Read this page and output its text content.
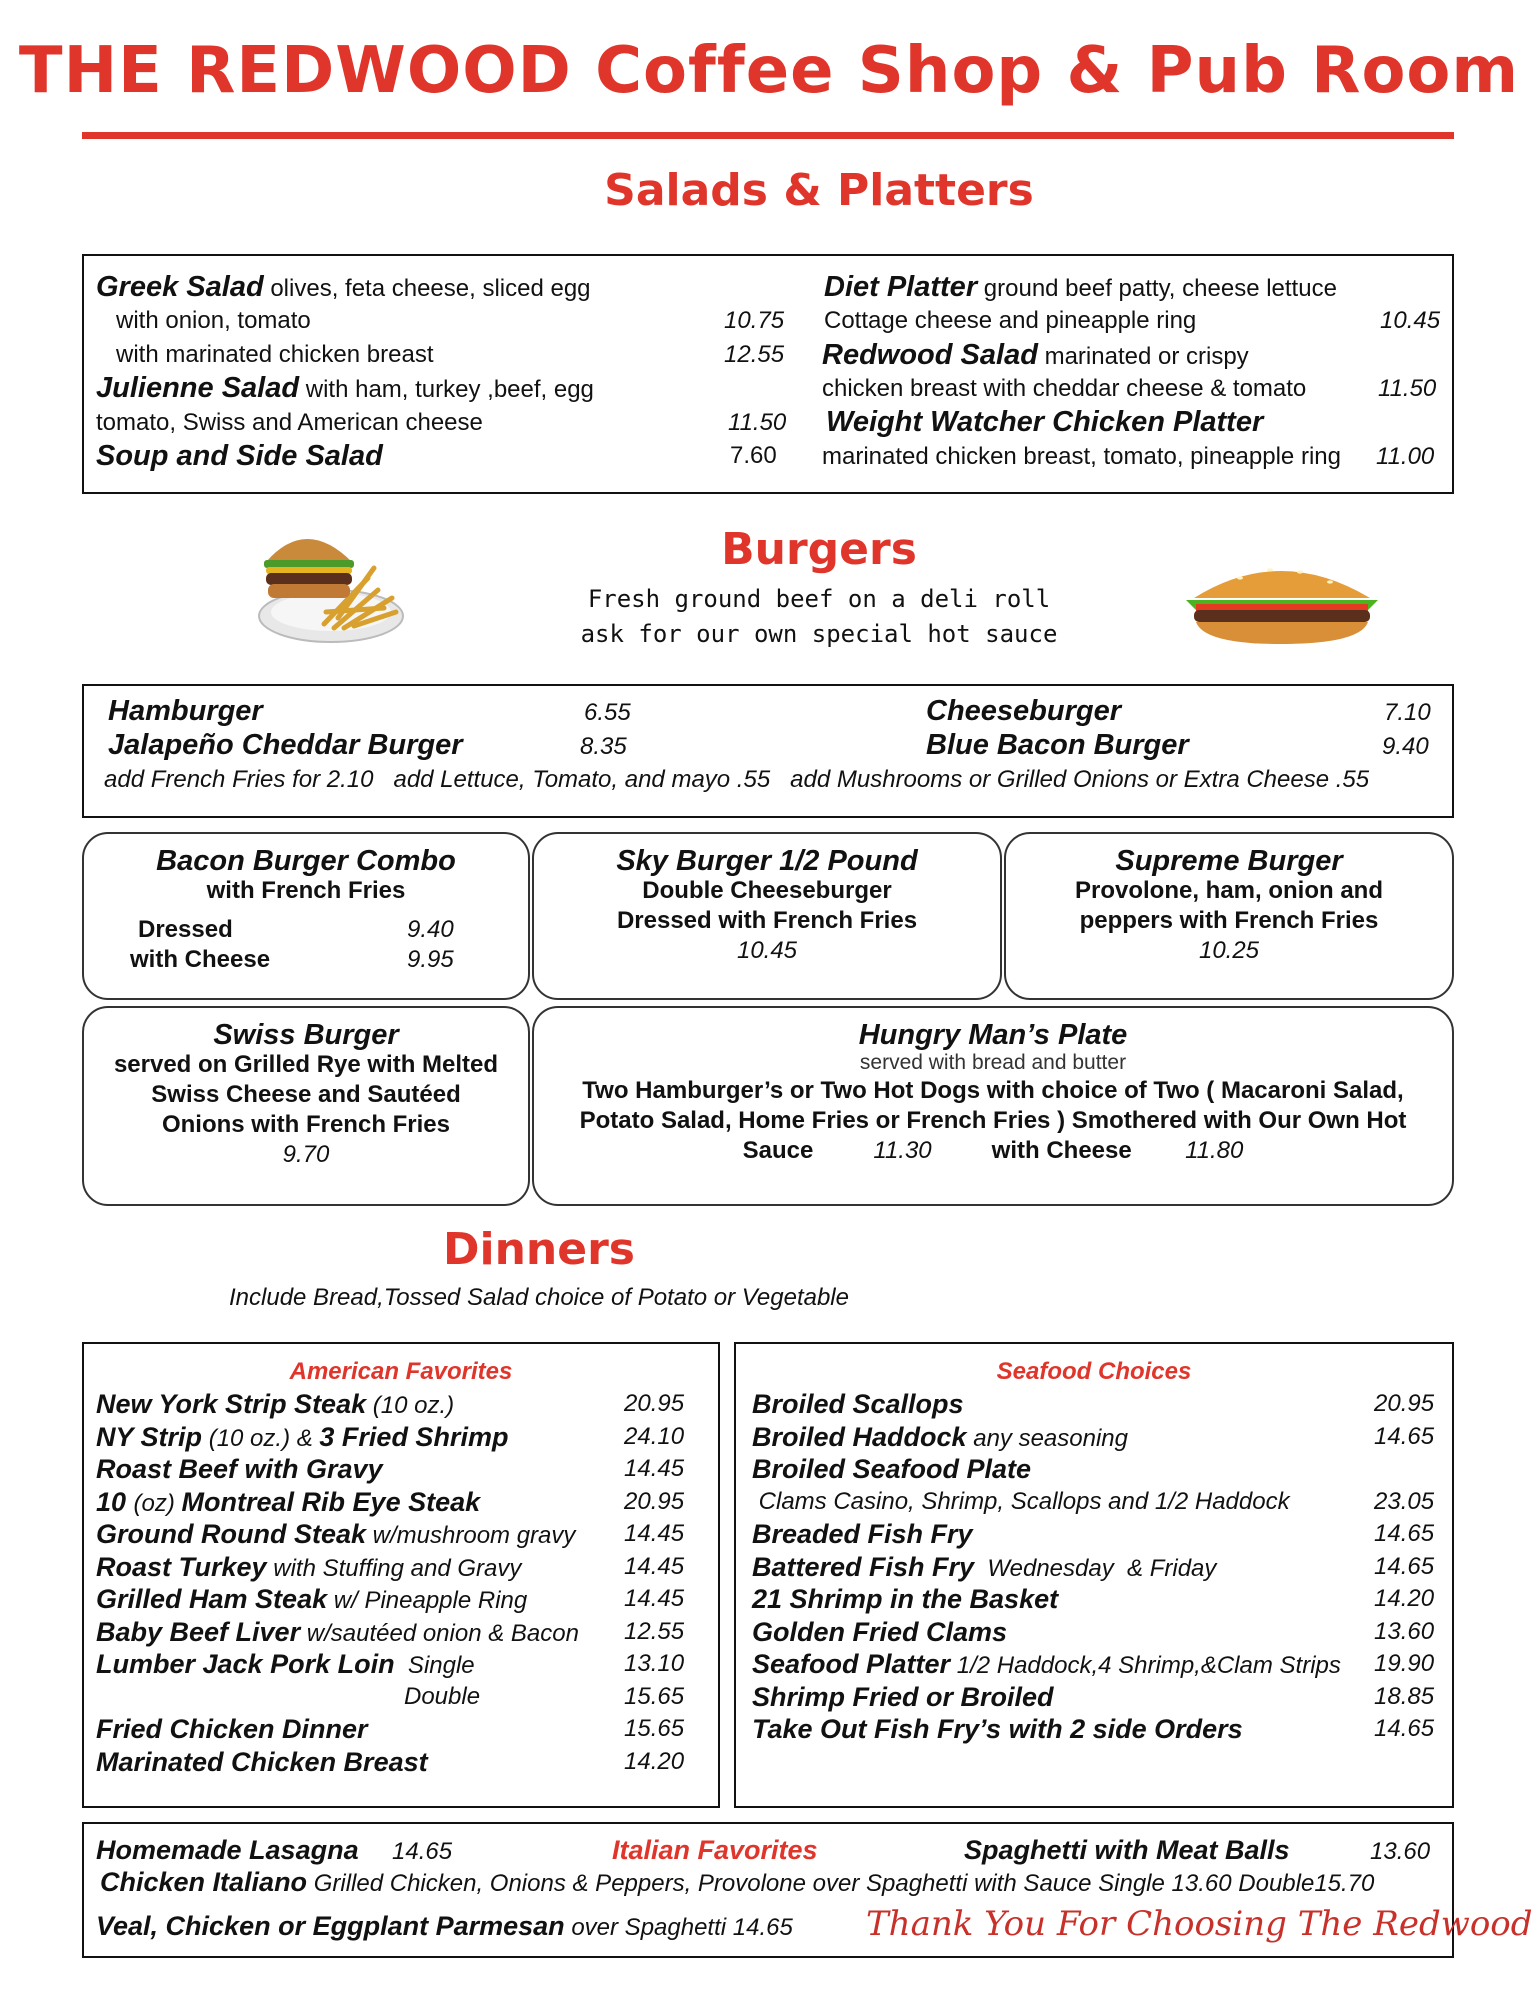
THE REDWOOD Coffee Shop & Pub Room
Salads & Platters
Greek Salad olives, feta cheese, sliced egg
with onion, tomato	10.75
with marinated chicken breast	12.55
Julienne Salad with ham, turkey ,beef, egg
tomato, Swiss and American cheese	11.50
Soup and Side Salad	7.60
Diet Platter ground beef patty, cheese lettuce
Cottage cheese and pineapple ring	10.45
Redwood Salad marinated or crispy
chicken breast with cheddar cheese & tomato	11.50
Weight Watcher Chicken Platter
marinated chicken breast, tomato, pineapple ring 11.00
Burgers
Fresh ground beef on a deli roll
ask for our own special hot sauce
Hamburger	6.55
Jalapeño Cheddar Burger	8.35
Cheeseburger	7.10
Blue Bacon Burger	9.40
add French Fries for 2.10   add Lettuce, Tomato, and mayo .55   add Mushrooms or Grilled Onions or Extra Cheese .55
Bacon Burger Combo
with French Fries
Dressed	9.40
with Cheese	9.95
Sky Burger 1/2 Pound
Double Cheeseburger
Dressed with French Fries
10.45
Supreme Burger
Provolone, ham, onion and
peppers with French Fries
10.25
Swiss Burger
served on Grilled Rye with Melted
Swiss Cheese and Sautéed
Onions with French Fries
9.70
Hungry Man’s Plate
served with bread and butter
Two Hamburger’s or Two Hot Dogs with choice of Two ( Macaroni Salad,
Potato Salad, Home Fries or French Fries ) Smothered with Our Own Hot
Sauce	11.30	with Cheese 11.80
Dinners
Include Bread,Tossed Salad choice of Potato or Vegetable
American Favorites
New York Strip Steak (10 oz.)	20.95
NY Strip (10 oz.) & 3 Fried Shrimp	24.10
Roast Beef with Gravy	14.45
10 (oz) Montreal Rib Eye Steak	20.95
Ground Round Steak w/mushroom gravy 14.45
Roast Turkey with Stuffing and Gravy	14.45
Grilled Ham Steak w/ Pineapple Ring	14.45
Baby Beef Liver w/sautéed onion & Bacon 12.55
Lumber Jack Pork Loin  Single	13.10
Double	15.65
Fried Chicken Dinner	15.65
Marinated Chicken Breast	14.20
Seafood Choices
Broiled Scallops	20.95
Broiled Haddock any seasoning	14.65
Broiled Seafood Plate
Clams Casino, Shrimp, Scallops and 1/2 Haddock	23.05
Breaded Fish Fry	14.65
Battered Fish Fry  Wednesday  & Friday	14.65
21 Shrimp in the Basket	14.20
Golden Fried Clams	13.60
Seafood Platter 1/2 Haddock,4 Shrimp,&Clam Strips 19.90
Shrimp Fried or Broiled	18.85
Take Out Fish Fry’s with 2 side Orders	14.65
Homemade Lasagna 14.65	Italian Favorites	Spaghetti with Meat Balls	13.60
Chicken Italiano Grilled Chicken, Onions & Peppers, Provolone over Spaghetti with Sauce Single 13.60 Double15.70
Veal, Chicken or Eggplant Parmesan over Spaghetti 14.65 Thank You For Choosing The Redwood
